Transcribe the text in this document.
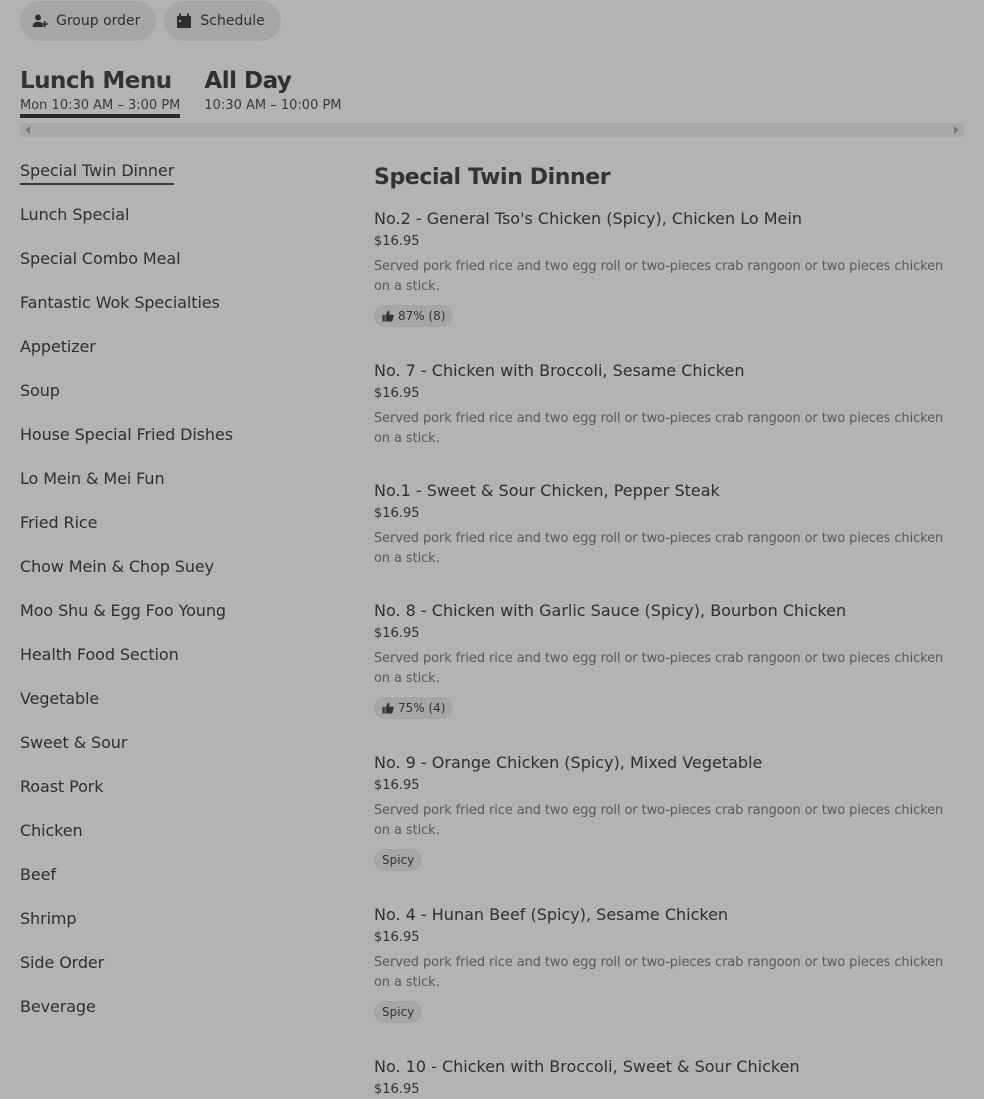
Group order	Schedule
Lunch Menu
Mon 10:30 AM – 3:00 PM
All Day
10:30 AM – 10:00 PM
Special Twin Dinner
Lunch Special
Special Combo Meal
Fantastic Wok Specialties
Appetizer
Soup
House Special Fried Dishes
Lo Mein & Mei Fun
Fried Rice
Chow Mein & Chop Suey
Moo Shu & Egg Foo Young
Health Food Section
Vegetable
Sweet & Sour
Roast Pork
Chicken
Beef
Shrimp
Side Order
Beverage
Special Twin Dinner
No.2 - General Tso's Chicken (Spicy), Chicken Lo Mein
$16.95
Served pork fried rice and two egg roll or two-pieces crab rangoon or two pieces chicken on a stick.
87% (8)
No. 7 - Chicken with Broccoli, Sesame Chicken
$16.95
Served pork fried rice and two egg roll or two-pieces crab rangoon or two pieces chicken on a stick.
No.1 - Sweet & Sour Chicken, Pepper Steak
$16.95
Served pork fried rice and two egg roll or two-pieces crab rangoon or two pieces chicken on a stick.
No. 8 - Chicken with Garlic Sauce (Spicy), Bourbon Chicken
$16.95
Served pork fried rice and two egg roll or two-pieces crab rangoon or two pieces chicken on a stick.
75% (4)
No. 9 - Orange Chicken (Spicy), Mixed Vegetable
$16.95
Served pork fried rice and two egg roll or two-pieces crab rangoon or two pieces chicken on a stick.
Spicy
No. 4 - Hunan Beef (Spicy), Sesame Chicken
$16.95
Served pork fried rice and two egg roll or two-pieces crab rangoon or two pieces chicken on a stick.
Spicy
No. 10 - Chicken with Broccoli, Sweet & Sour Chicken
$16.95
